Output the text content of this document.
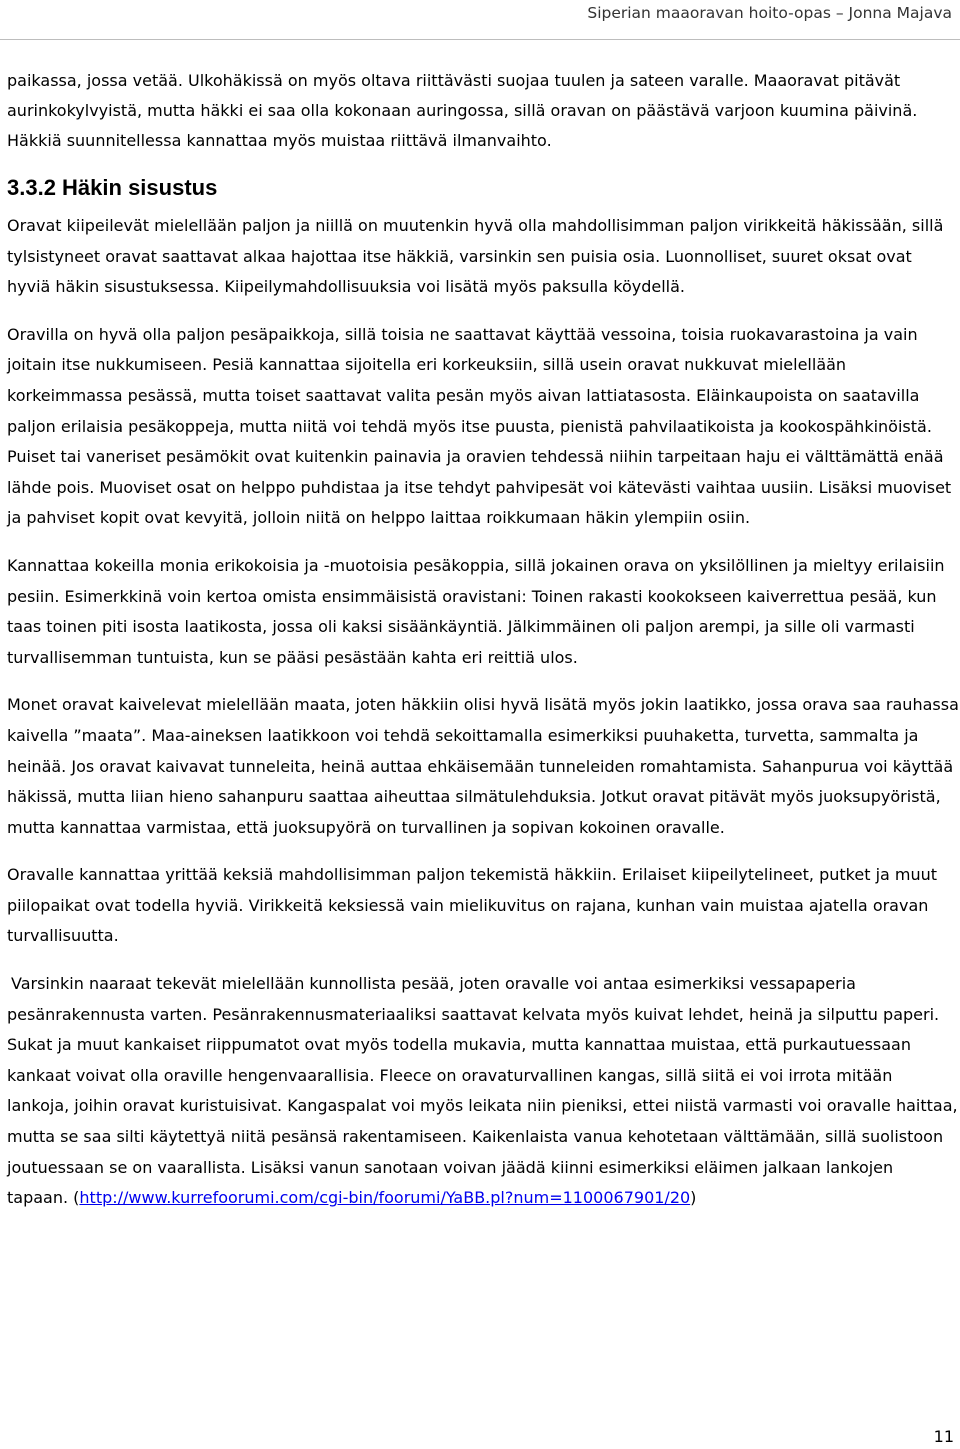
Siperian maaoravan hoito-opas – Jonna Majava

paikassa, jossa vetää. Ulkohäkissä on myös oltava riittävästi suojaa tuulen ja sateen varalle. Maaoravat pitävät aurinkokylvyistä, mutta häkki ei saa olla kokonaan auringossa, sillä oravan on päästävä varjoon kuumina päivinä. Häkkiä suunnitellessa kannattaa myös muistaa riittävä ilmanvaihto.

3.3.2 Häkin sisustus

Oravat kiipeilevät mielellään paljon ja niillä on muutenkin hyvä olla mahdollisimman paljon virikkeitä häkissään, sillä tylsistyneet oravat saattavat alkaa hajottaa itse häkkiä, varsinkin sen puisia osia. Luonnolliset, suuret oksat ovat hyviä häkin sisustuksessa. Kiipeilymahdollisuuksia voi lisätä myös paksulla köydellä.

Oravilla on hyvä olla paljon pesäpaikkoja, sillä toisia ne saattavat käyttää vessoina, toisia ruokavarastoina ja vain joitain itse nukkumiseen. Pesiä kannattaa sijoitella eri korkeuksiin, sillä usein oravat nukkuvat mielellään korkeimmassa pesässä, mutta toiset saattavat valita pesän myös aivan lattiatasosta. Eläinkaupoista on saatavilla paljon erilaisia pesäkoppeja, mutta niitä voi tehdä myös itse puusta, pienistä pahvilaatikoista ja kookospähkinöistä. Puiset tai vaneriset pesämökit ovat kuitenkin painavia ja oravien tehdessä niihin tarpeitaan haju ei välttämättä enää lähde pois. Muoviset osat on helppo puhdistaa ja itse tehdyt pahvipesät voi kätevästi vaihtaa uusiin. Lisäksi muoviset ja pahviset kopit ovat kevyitä, jolloin niitä on helppo laittaa roikkumaan häkin ylempiin osiin.

Kannattaa kokeilla monia erikokoisia ja -muotoisia pesäkoppia, sillä jokainen orava on yksilöllinen ja mieltyy erilaisiin pesiin. Esimerkkinä voin kertoa omista ensimmäisistä oravistani: Toinen rakasti kookokseen kaiverrettua pesää, kun taas toinen piti isosta laatikosta, jossa oli kaksi sisäänkäyntiä. Jälkimmäinen oli paljon arempi, ja sille oli varmasti turvallisemman tuntuista, kun se pääsi pesästään kahta eri reittiä ulos.

Monet oravat kaivelevat mielellään maata, joten häkkiin olisi hyvä lisätä myös jokin laatikko, jossa orava saa rauhassa kaivella ”maata”. Maa-aineksen laatikkoon voi tehdä sekoittamalla esimerkiksi puuhaketta, turvetta, sammalta ja heinää. Jos oravat kaivavat tunneleita, heinä auttaa ehkäisemään tunneleiden romahtamista. Sahanpurua voi käyttää häkissä, mutta liian hieno sahanpuru saattaa aiheuttaa silmätulehduksia. Jotkut oravat pitävät myös juoksupyöristä, mutta kannattaa varmistaa, että juoksupyörä on turvallinen ja sopivan kokoinen oravalle.

Oravalle kannattaa yrittää keksiä mahdollisimman paljon tekemistä häkkiin. Erilaiset kiipeilytelineet, putket ja muut piilopaikat ovat todella hyviä. Virikkeitä keksiessä vain mielikuvitus on rajana, kunhan vain muistaa ajatella oravan turvallisuutta.

Varsinkin naaraat tekevät mielellään kunnollista pesää, joten oravalle voi antaa esimerkiksi vessapaperia pesänrakennusta varten. Pesänrakennusmateriaaliksi saattavat kelvata myös kuivat lehdet, heinä ja silputtu paperi. Sukat ja muut kankaiset riippumatot ovat myös todella mukavia, mutta kannattaa muistaa, että purkautuessaan kankaat voivat olla oraville hengenvaarallisia. Fleece on oravaturvallinen kangas, sillä siitä ei voi irrota mitään lankoja, joihin oravat kuristuisivat. Kangaspalat voi myös leikata niin pieniksi, ettei niistä varmasti voi oravalle haittaa, mutta se saa silti käytettyä niitä pesänsä rakentamiseen. Kaikenlaista vanua kehotetaan välttämään, sillä suolistoon joutuessaan se on vaarallista. Lisäksi vanun sanotaan voivan jäädä kiinni esimerkiksi eläimen jalkaan lankojen tapaan. (http://www.kurrefoorumi.com/cgi-bin/foorumi/YaBB.pl?num=1100067901/20)

11
